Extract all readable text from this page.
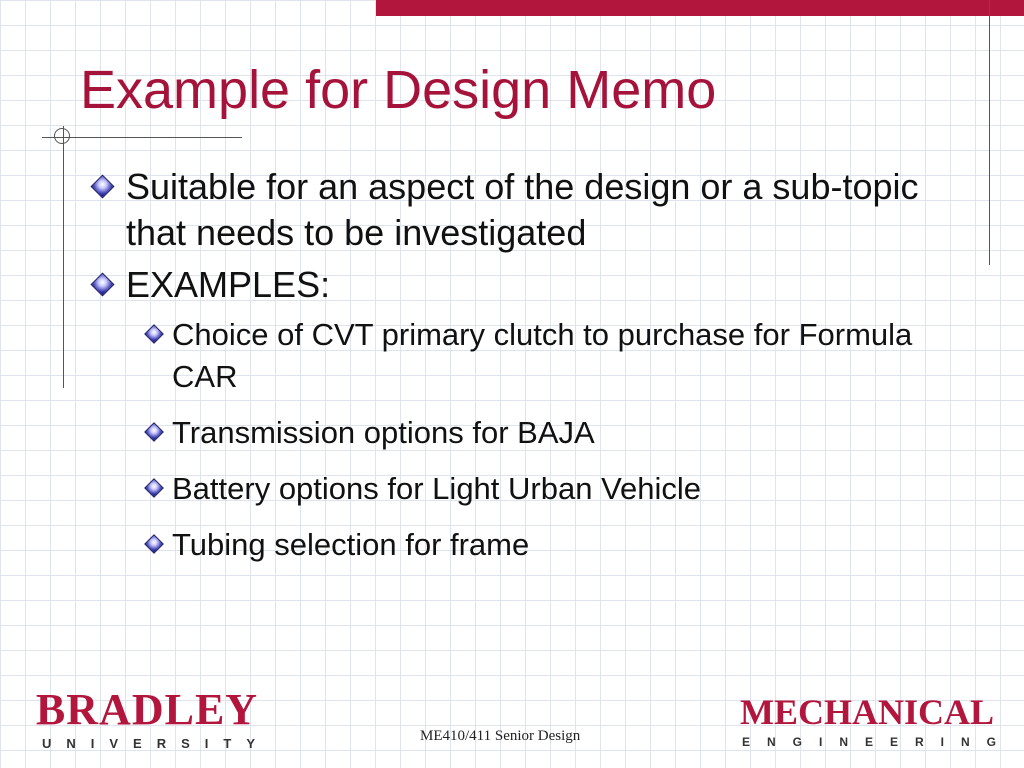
Example for Design Memo
Suitable for an aspect of the design or a sub-topic that needs to be investigated
EXAMPLES:
Choice of CVT primary clutch to purchase for Formula CAR
Transmission options for BAJA
Battery options for Light Urban Vehicle
Tubing selection for frame
BRADLEY
UNIVERSITY	ME410/411 Senior Design
MECHANICAL
ENGINEERING
